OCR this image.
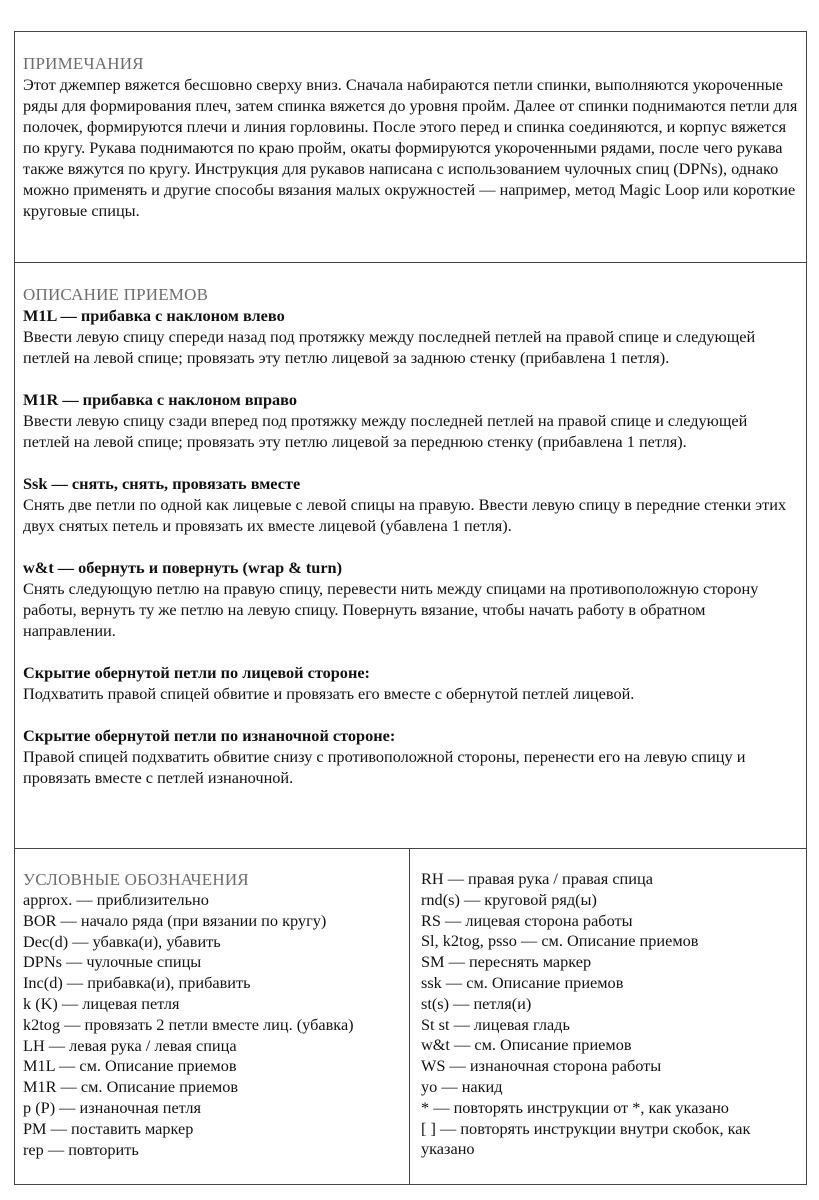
ПРИМЕЧАНИЯ
Этот джемпер вяжется бесшовно сверху вниз. Сначала набираются петли спинки, выполняются укороченные ряды для формирования плеч, затем спинка вяжется до уровня пройм. Далее от спинки поднимаются петли для полочек, формируются плечи и линия горловины. После этого перед и спинка соединяются, и корпус вяжется по кругу. Рукава поднимаются по краю пройм, окаты формируются укороченными рядами, после чего рукава также вяжутся по кругу. Инструкция для рукавов написана с использованием чулочных спиц (DPNs), однако можно применять и другие способы вязания малых окружностей — например, метод Magic Loop или короткие круговые спицы.
ОПИСАНИЕ ПРИЕМОВ
M1L — прибавка с наклоном влево
Ввести левую спицу спереди назад под протяжку между последней петлей на правой спице и следующей петлей на левой спице; провязать эту петлю лицевой за заднюю стенку (прибавлена 1 петля).
M1R — прибавка с наклоном вправо
Ввести левую спицу сзади вперед под протяжку между последней петлей на правой спице и следующей петлей на левой спице; провязать эту петлю лицевой за переднюю стенку (прибавлена 1 петля).
Ssk — снять, снять, провязать вместе
Снять две петли по одной как лицевые с левой спицы на правую. Ввести левую спицу в передние стенки этих двух снятых петель и провязать их вместе лицевой (убавлена 1 петля).
w&t — обернуть и повернуть (wrap & turn)
Снять следующую петлю на правую спицу, перевести нить между спицами на противоположную сторону работы, вернуть ту же петлю на левую спицу. Повернуть вязание, чтобы начать работу в обратном направлении.
Скрытие обернутой петли по лицевой стороне:
Подхватить правой спицей обвитие и провязать его вместе с обернутой петлей лицевой.
Скрытие обернутой петли по изнаночной стороне:
Правой спицей подхватить обвитие снизу с противоположной стороны, перенести его на левую спицу и провязать вместе с петлей изнаночной.
УСЛОВНЫЕ ОБОЗНАЧЕНИЯ
approx. — приблизительно
BOR — начало ряда (при вязании по кругу)
Dec(d) — убавка(и), убавить
DPNs — чулочные спицы
Inc(d) — прибавка(и), прибавить
k (K) — лицевая петля
k2tog — провязать 2 петли вместе лиц. (убавка)
LH — левая рука / левая спица
M1L — см. Описание приемов
M1R — см. Описание приемов
p (P) — изнаночная петля
PM — поставить маркер
rep — повторить
RH — правая рука / правая спица
rnd(s) — круговой ряд(ы)
RS — лицевая сторона работы
Sl, k2tog, psso — см. Описание приемов
SM — переснять маркер
ssk — см. Описание приемов
st(s) — петля(и)
St st — лицевая гладь
w&t — см. Описание приемов
WS — изнаночная сторона работы
yo — накид
* — повторять инструкции от *, как указано
[ ] — повторять инструкции внутри скобок, как указано
